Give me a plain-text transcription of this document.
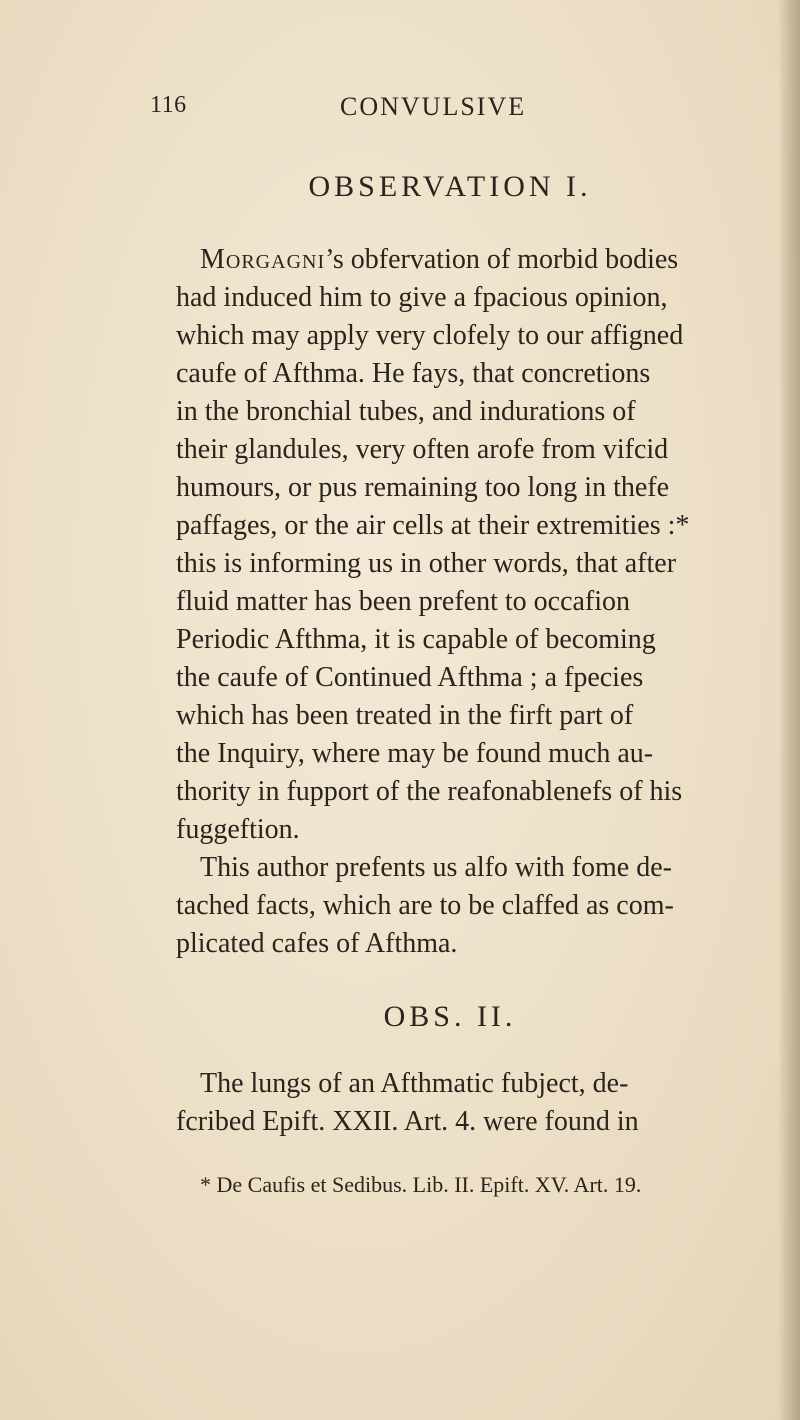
116	CONVULSIVE
OBSERVATION I.
Morgagni’s obfervation of morbid bodies
had induced him to give a fpacious opinion,
which may apply very clofely to our affigned
caufe of Afthma. He fays, that concretions
in the bronchial tubes, and indurations of
their glandules, very often arofe from vifcid
humours, or pus remaining too long in thefe
paffages, or the air cells at their extremities :*
this is informing us in other words, that after
fluid matter has been prefent to occafion
Periodic Afthma, it is capable of becoming
the caufe of Continued Afthma ; a fpecies
which has been treated in the firft part of
the Inquiry, where may be found much au-
thority in fupport of the reafonablenefs of his
fuggeftion.
This author prefents us alfo with fome de-
tached facts, which are to be claffed as com-
plicated cafes of Afthma.
OBS. II.
The lungs of an Afthmatic fubject, de-
fcribed Epift. XXII. Art. 4. were found in
* De Caufis et Sedibus. Lib. II. Epift. XV. Art. 19.
